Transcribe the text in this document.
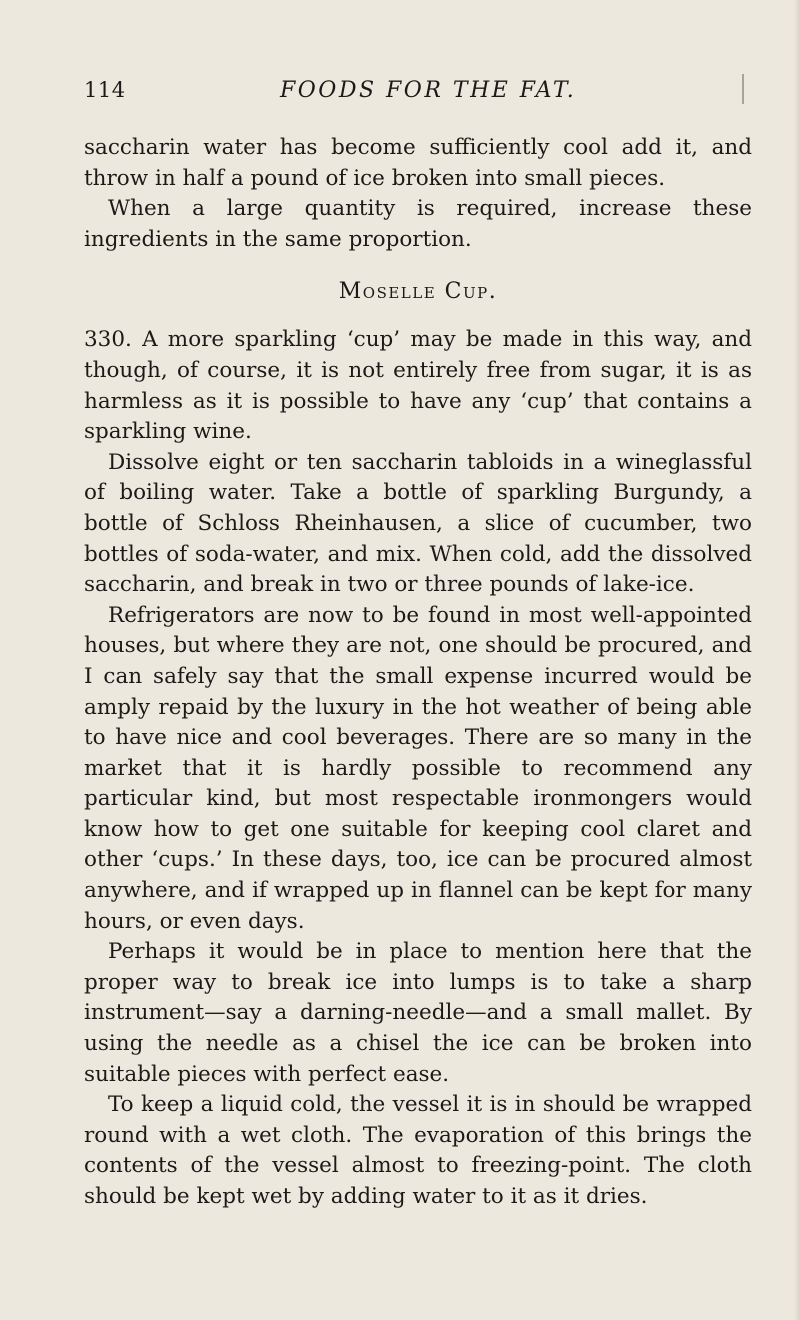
114	FOODS FOR THE FAT.

saccharin water has become sufficiently cool add it, and throw in half a pound of ice broken into small pieces.

When a large quantity is required, increase these ingredients in the same proportion.

Moselle Cup.

330. A more sparkling ‘cup’ may be made in this way, and though, of course, it is not entirely free from sugar, it is as harmless as it is possible to have any ‘cup’ that contains a sparkling wine.

Dissolve eight or ten saccharin tabloids in a wineglassful of boiling water. Take a bottle of sparkling Burgundy, a bottle of Schloss Rheinhausen, a slice of cucumber, two bottles of soda-water, and mix. When cold, add the dissolved saccharin, and break in two or three pounds of lake-ice.

Refrigerators are now to be found in most well-appointed houses, but where they are not, one should be procured, and I can safely say that the small expense incurred would be amply repaid by the luxury in the hot weather of being able to have nice and cool beverages. There are so many in the market that it is hardly possible to recommend any particular kind, but most respectable ironmongers would know how to get one suitable for keeping cool claret and other ‘cups.’ In these days, too, ice can be procured almost anywhere, and if wrapped up in flannel can be kept for many hours, or even days.

Perhaps it would be in place to mention here that the proper way to break ice into lumps is to take a sharp instrument—say a darning-needle—and a small mallet. By using the needle as a chisel the ice can be broken into suitable pieces with perfect ease.

To keep a liquid cold, the vessel it is in should be wrapped round with a wet cloth. The evaporation of this brings the contents of the vessel almost to freezing-point. The cloth should be kept wet by adding water to it as it dries.
